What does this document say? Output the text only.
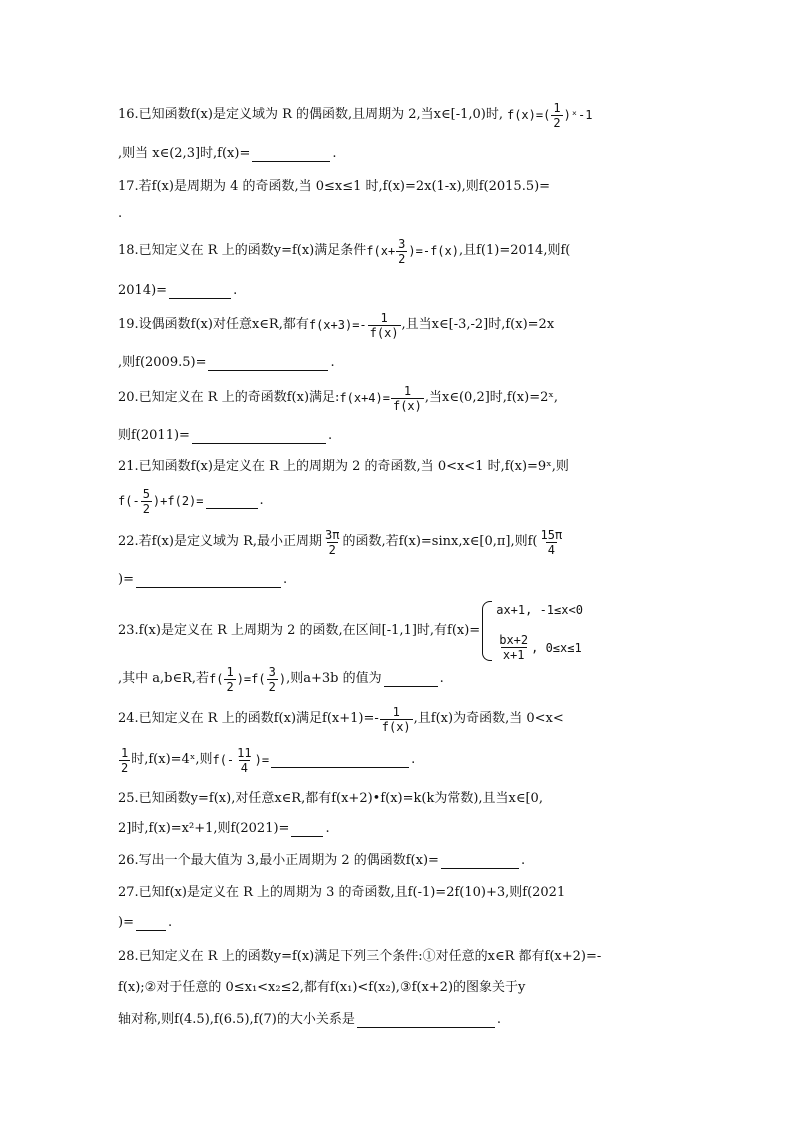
16.已知函数f(x)是定义域为 R 的偶函数,且周期为 2,当x∈[-1,0)时, $f(x)=( \frac{1}{2}$ )ˣ-1
,则当 x∈(2,3]时,f(x)=	.
17.若f(x)是周期为 4 的奇函数,当 0≤x≤1 时,f(x)=2x(1-x),则f(2015.5)=
.
18.已知定义在 R 上的函数y=f(x)满足条件 $f(x+ \frac{3}{2} )=-f(x)$ ,且f(1)=2014,则f(
2014)=	.
19.设偶函数f(x)对任意x∈R,都有 $f(x+3)=- \frac{1}{f(x)}$ ,且当x∈[-3,-2]时,f(x)=2x
,则f(2009.5)=	.
20.已知定义在 R 上的奇函数f(x)满足: $f(x+4)= \frac{1}{f(x)}$ ,当x∈(0,2]时,f(x)=2ˣ,
则f(2011)=	.
21.已知函数f(x)是定义在 R 上的周期为 2 的奇函数,当 0<x<1 时,f(x)=9ˣ,则
$f(- \frac{5}{2} )+f(2)=$	.
22.若f(x)是定义域为 R,最小正周期 $\frac{3\pi}{2}$ 的函数,若f(x)=sinx,x∈[0,π],则$f( \frac{15\pi}{4}$
)=	.
23.f(x)是定义在 R 上周期为 2 的函数,在区间[-1,1]时,有f(x)=
ax+1, -1≤x<0
$\frac{bx+2}{x+1}$ , 0≤x≤1
,其中 a,b∈R,若 $f( \frac{1}{2} )=f( \frac{3}{2}$ ) ,则a+3b 的值为	.
24.已知定义在 R 上的函数f(x)满足$f(x+1)=- \frac{1}{f(x)}$ ,且f(x)为奇函数,当 0<x<
$\frac{1}{2}$ 时,f(x)=4ˣ,则 $f(- \frac{11}{4}$ )=	.
25.已知函数y=f(x),对任意x∈R,都有f(x+2)•f(x)=k(k为常数),且当x∈[0,
2]时,f(x)=x²+1,则f(2021)=	.
26.写出一个最大值为 3,最小正周期为 2 的偶函数f(x)=	.
27.已知f(x)是定义在 R 上的周期为 3 的奇函数,且f(-1)=2f(10)+3,则f(2021
)=	.
28.已知定义在 R 上的函数y=f(x)满足下列三个条件:①对任意的x∈R 都有f(x+2)=-
f(x);②对于任意的 0≤x₁<x₂≤2,都有f(x₁)<f(x₂),③f(x+2)的图象关于y
轴对称,则f(4.5),f(6.5),f(7)的大小关系是	.
